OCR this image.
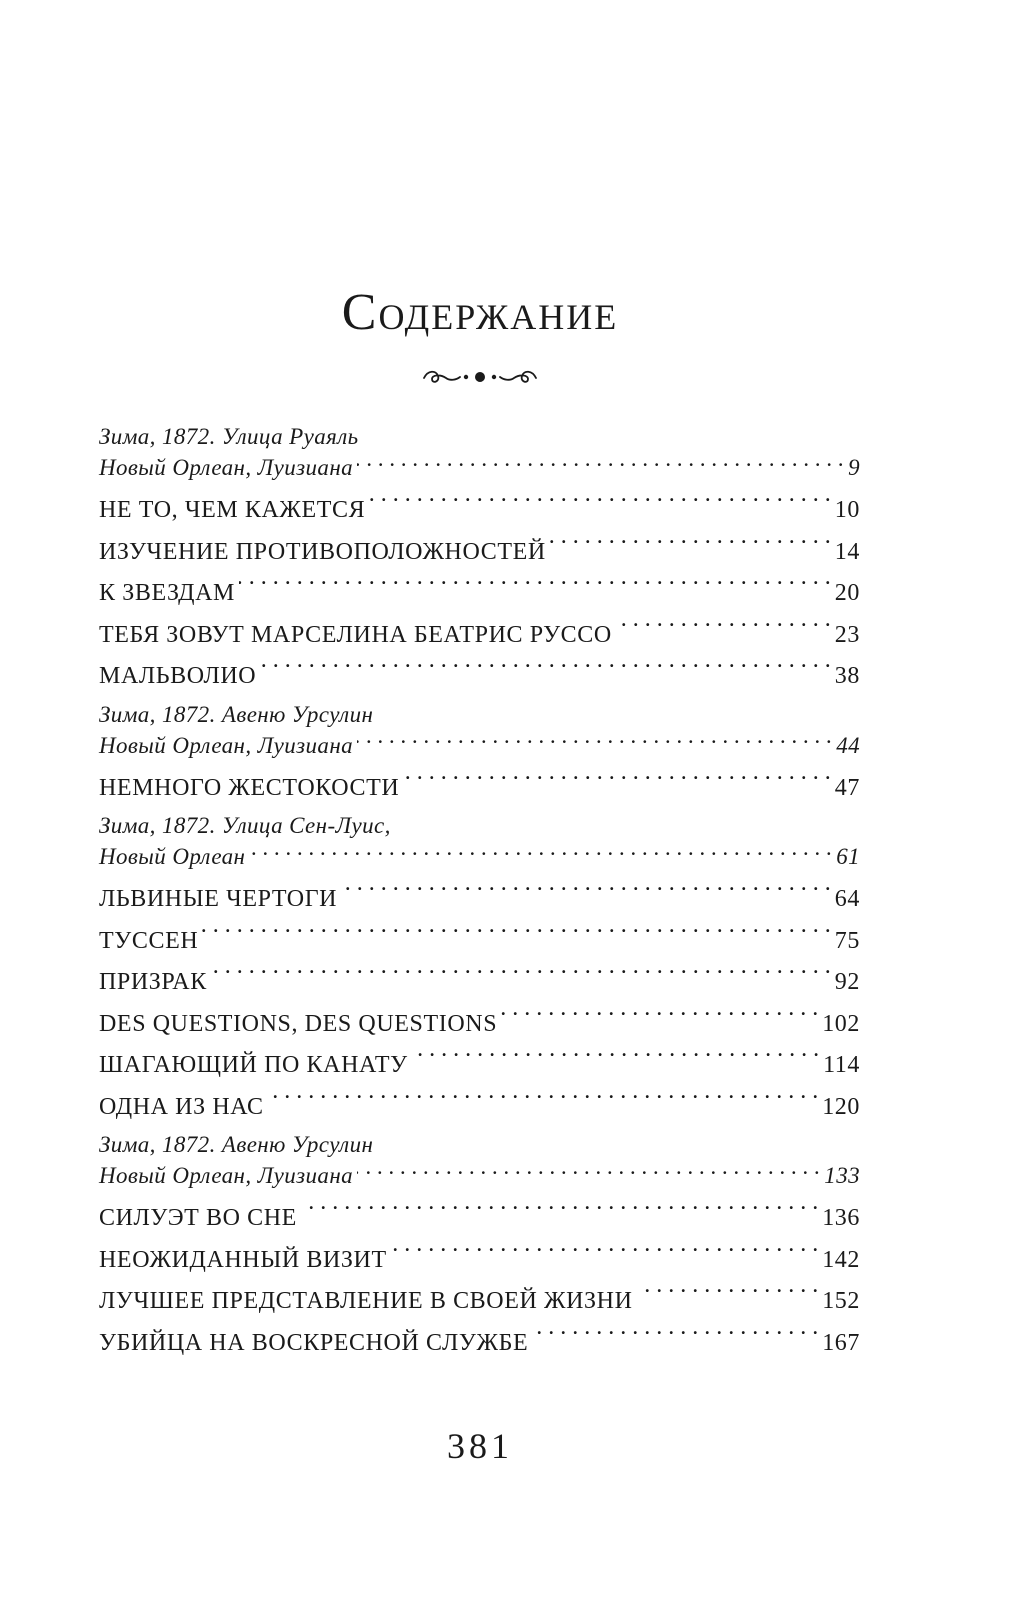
Содержание
Зима, 1872. Улица Руаяль
Новый Орлеан, Луизиана . . .	9
НЕ ТО, ЧЕМ КАЖЕТСЯ . . .	10
ИЗУЧЕНИЕ ПРОТИВОПОЛОЖНОСТЕЙ . . .	14
К ЗВЕЗДАМ . . .	20
ТЕБЯ ЗОВУТ МАРСЕЛИНА БЕАТРИС РУССО . . .	23
МАЛЬВОЛИО . . .	38
Зима, 1872. Авеню Урсулин
Новый Орлеан, Луизиана . . .	44
НЕМНОГО ЖЕСТОКОСТИ . . .	47
Зима, 1872. Улица Сен-Луис,
Новый Орлеан . . .	61
ЛЬВИНЫЕ ЧЕРТОГИ . . .	64
ТУССЕН . . .	75
ПРИЗРАК . . .	92
DES QUESTIONS, DES QUESTIONS . . .	102
ШАГАЮЩИЙ ПО КАНАТУ . . .	114
ОДНА ИЗ НАС . . .	120
Зима, 1872. Авеню Урсулин
Новый Орлеан, Луизиана . . .	133
СИЛУЭТ ВО СНЕ . . .	136
НЕОЖИДАННЫЙ ВИЗИТ . . .	142
ЛУЧШЕЕ ПРЕДСТАВЛЕНИЕ В СВОЕЙ ЖИЗНИ . . .	152
УБИЙЦА НА ВОСКРЕСНОЙ СЛУЖБЕ . . .	167
381
